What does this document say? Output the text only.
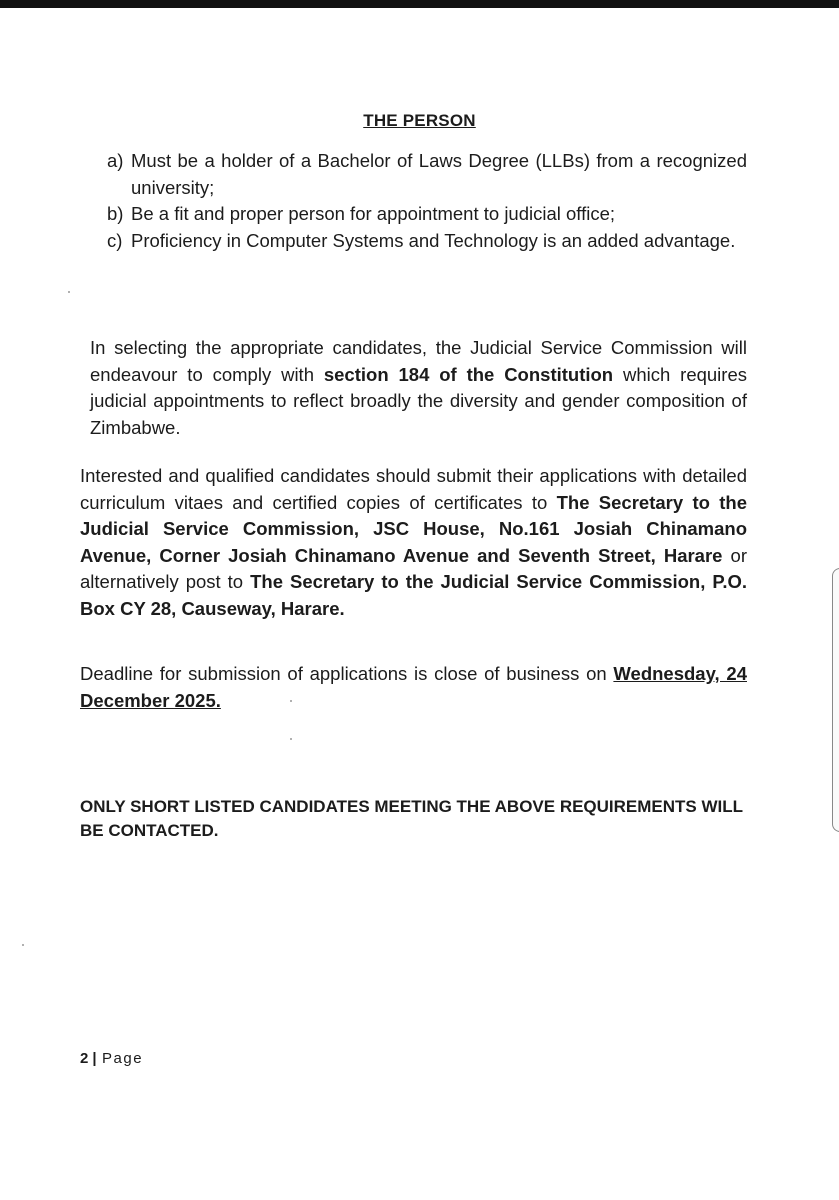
THE PERSON
a) Must be a holder of a Bachelor of Laws Degree (LLBs) from a recognized university;
b) Be a fit and proper person for appointment to judicial office;
c) Proficiency in Computer Systems and Technology is an added advantage.
In selecting the appropriate candidates, the Judicial Service Commission will endeavour to comply with section 184 of the Constitution which requires judicial appointments to reflect broadly the diversity and gender composition of Zimbabwe.
Interested and qualified candidates should submit their applications with detailed curriculum vitaes and certified copies of certificates to The Secretary to the Judicial Service Commission, JSC House, No.161 Josiah Chinamano Avenue, Corner Josiah Chinamano Avenue and Seventh Street, Harare or alternatively post to The Secretary to the Judicial Service Commission, P.O. Box CY 28, Causeway, Harare.
Deadline for submission of applications is close of business on Wednesday, 24 December 2025.
ONLY SHORT LISTED CANDIDATES MEETING THE ABOVE REQUIREMENTS WILL BE CONTACTED.
2 | Page
